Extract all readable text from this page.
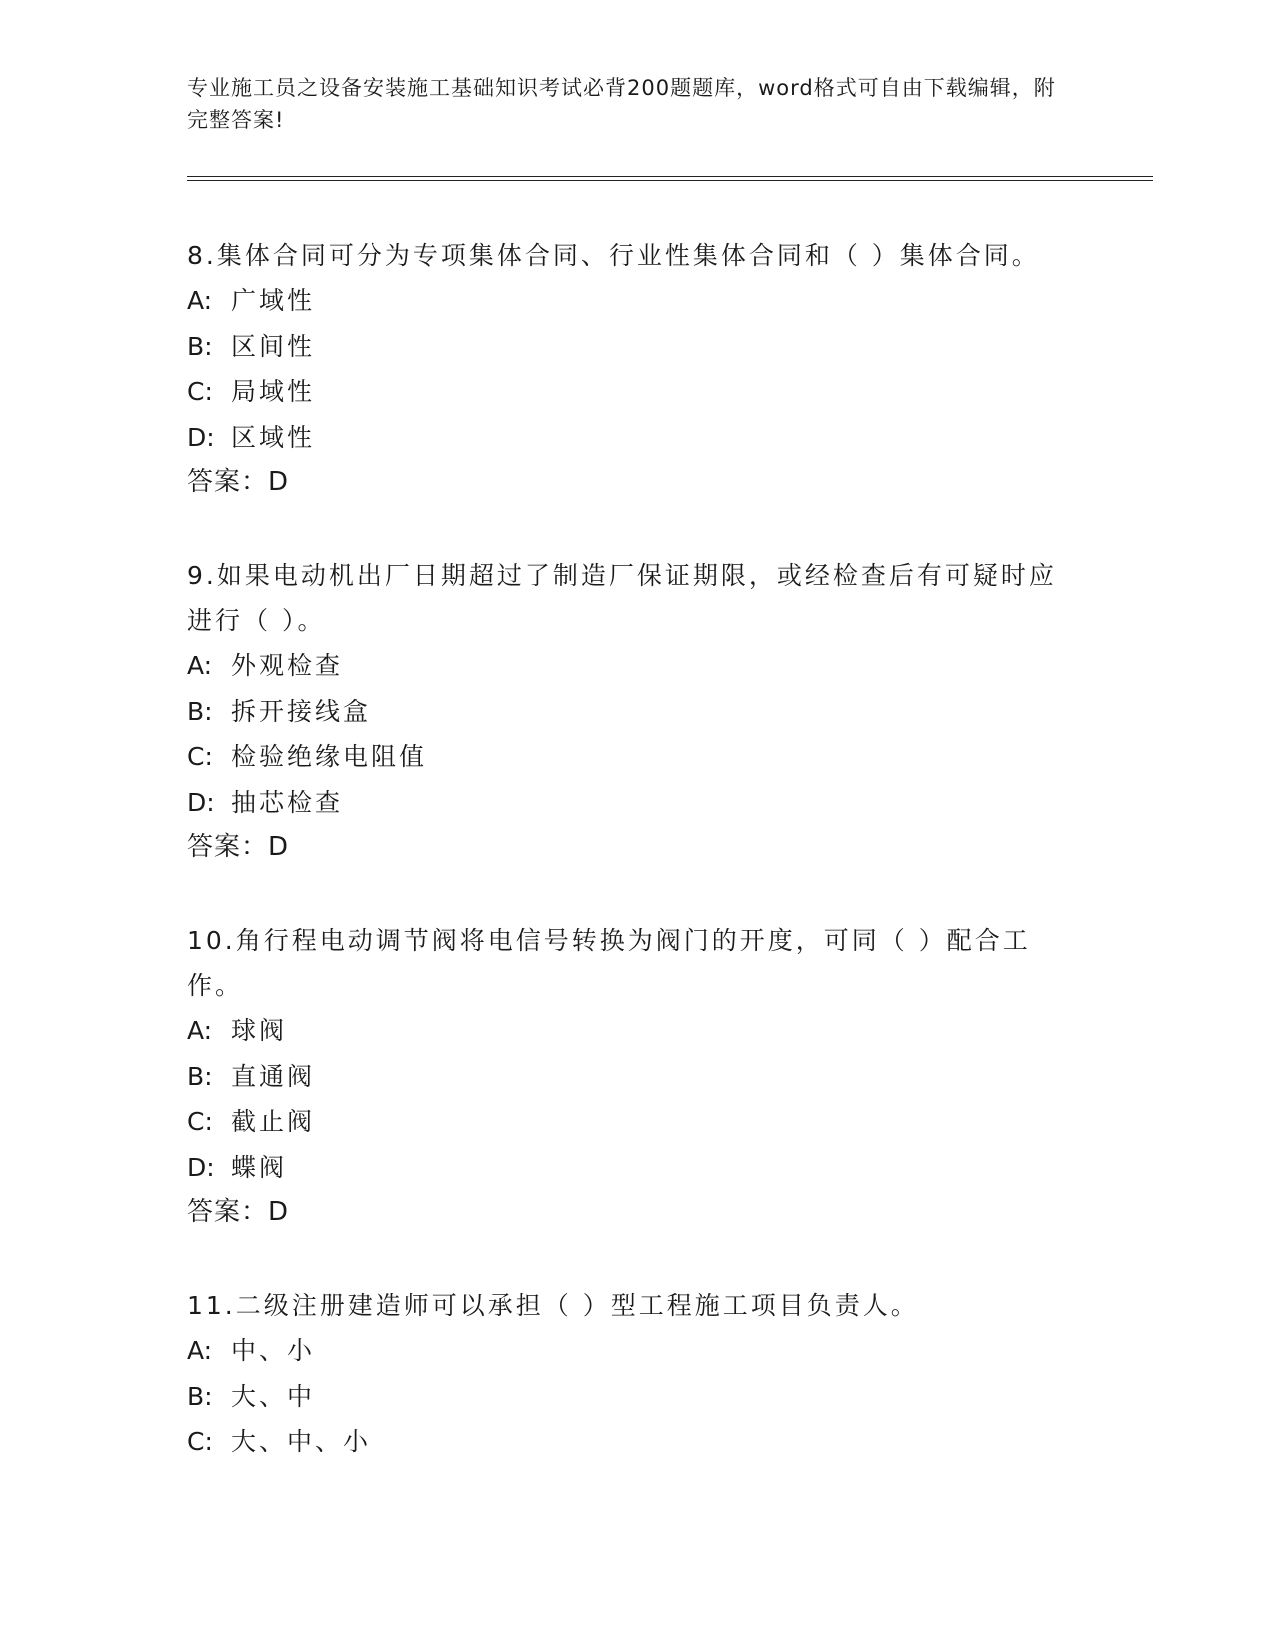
专业施工员之设备安装施工基础知识考试必背200题题库，word格式可自由下载编辑，附完整答案!

8.集体合同可分为专项集体合同、行业性集体合同和（ ）集体合同。

A: 广域性
B: 区间性
C: 局域性
D: 区域性
答案：D

9.如果电动机出厂日期超过了制造厂保证期限，或经检查后有可疑时应进行（ ）。

A: 外观检查
B: 拆开接线盒
C: 检验绝缘电阻值
D: 抽芯检查
答案：D

10.角行程电动调节阀将电信号转换为阀门的开度，可同（ ）配合工作。

A: 球阀
B: 直通阀
C: 截止阀
D: 蝶阀
答案：D

11.二级注册建造师可以承担（ ）型工程施工项目负责人。

A: 中、小
B: 大、中
C: 大、中、小
